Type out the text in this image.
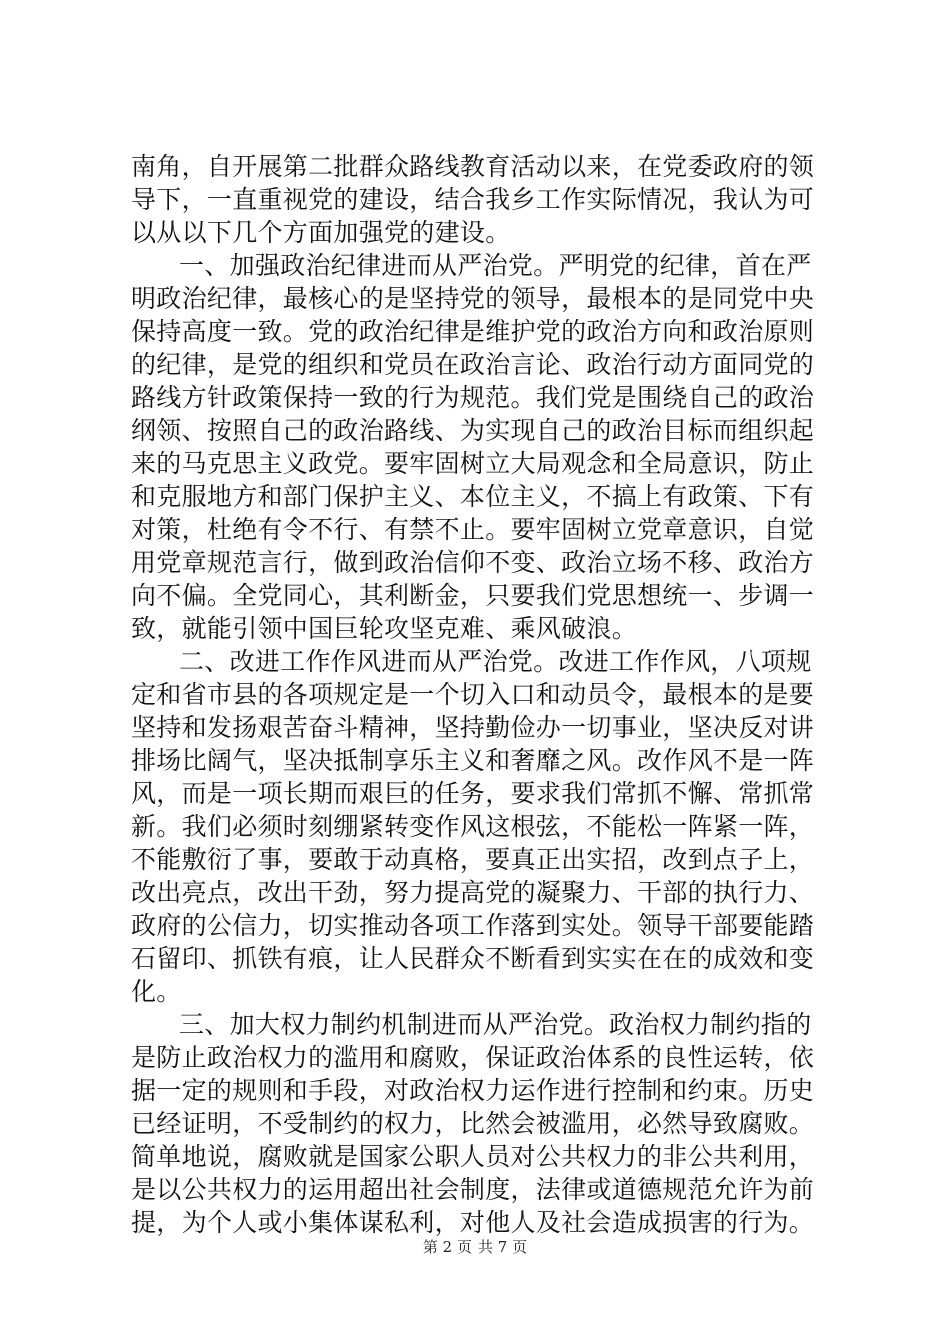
南角，自开展第二批群众路线教育活动以来，在党委政府的领
导下，一直重视党的建设，结合我乡工作实际情况，我认为可
以从以下几个方面加强党的建设。
一、加强政治纪律进而从严治党。严明党的纪律，首在严
明政治纪律，最核心的是坚持党的领导，最根本的是同党中央
保持高度一致。党的政治纪律是维护党的政治方向和政治原则
的纪律，是党的组织和党员在政治言论、政治行动方面同党的
路线方针政策保持一致的行为规范。我们党是围绕自己的政治
纲领、按照自己的政治路线、为实现自己的政治目标而组织起
来的马克思主义政党。要牢固树立大局观念和全局意识，防止
和克服地方和部门保护主义、本位主义，不搞上有政策、下有
对策，杜绝有令不行、有禁不止。要牢固树立党章意识，自觉
用党章规范言行，做到政治信仰不变、政治立场不移、政治方
向不偏。全党同心，其利断金，只要我们党思想统一、步调一
致，就能引领中国巨轮攻坚克难、乘风破浪。
二、改进工作作风进而从严治党。改进工作作风，八项规
定和省市县的各项规定是一个切入口和动员令，最根本的是要
坚持和发扬艰苦奋斗精神，坚持勤俭办一切事业，坚决反对讲
排场比阔气，坚决抵制享乐主义和奢靡之风。改作风不是一阵
风，而是一项长期而艰巨的任务，要求我们常抓不懈、常抓常
新。我们必须时刻绷紧转变作风这根弦，不能松一阵紧一阵，
不能敷衍了事，要敢于动真格，要真正出实招，改到点子上，
改出亮点，改出干劲，努力提高党的凝聚力、干部的执行力、
政府的公信力，切实推动各项工作落到实处。领导干部要能踏
石留印、抓铁有痕，让人民群众不断看到实实在在的成效和变
化。
三、加大权力制约机制进而从严治党。政治权力制约指的
是防止政治权力的滥用和腐败，保证政治体系的良性运转，依
据一定的规则和手段，对政治权力运作进行控制和约束。历史
已经证明，不受制约的权力，比然会被滥用，必然导致腐败。
简单地说，腐败就是国家公职人员对公共权力的非公共利用，
是以公共权力的运用超出社会制度，法律或道德规范允许为前
提，为个人或小集体谋私利，对他人及社会造成损害的行为。
第 2 页 共 7 页
